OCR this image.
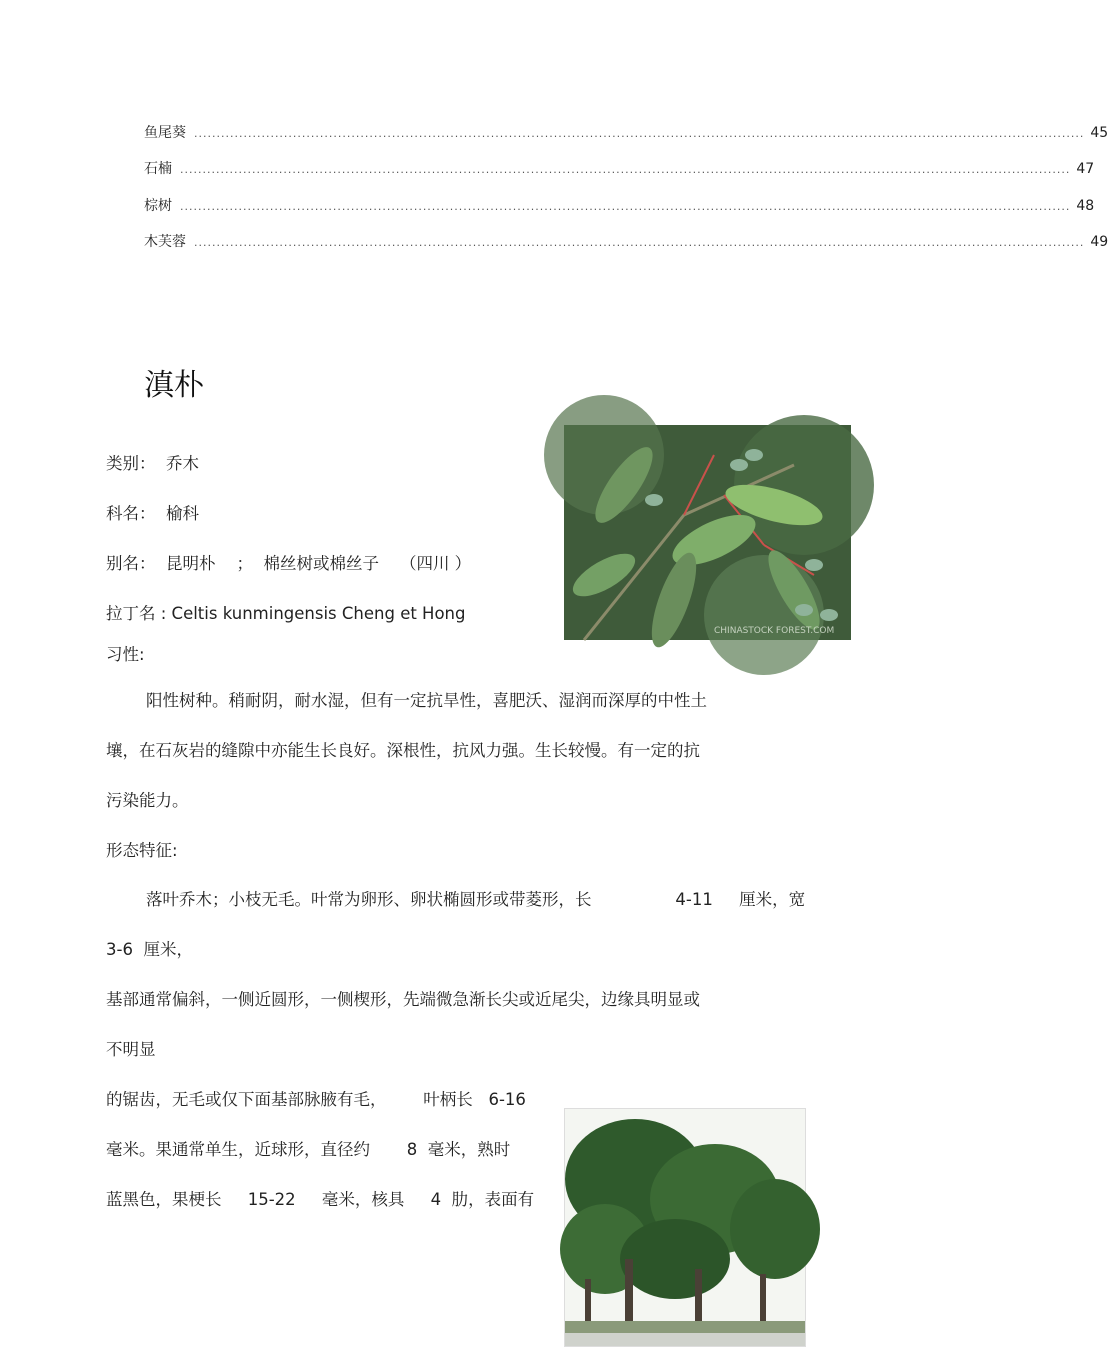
鱼尾葵 ...................................................................................................................................................................................................... 45
石楠 ...................................................................................................................................................................................................... 47
棕树 ...................................................................................................................................................................................................... 48
木芙蓉 ...................................................................................................................................................................................................... 49
滇朴
类别：  乔木
科名：  榆科
别名：  昆明朴    ；  棉丝树或棉丝子    （四川 ）
拉丁名 : Celtis kunmingensis Cheng et Hong
习性:
阳性树种。稍耐阴，耐水湿，但有一定抗旱性，喜肥沃、湿润而深厚的中性土
壤，在石灰岩的缝隙中亦能生长良好。深根性，抗风力强。生长较慢。有一定的抗
污染能力。
形态特征:
落叶乔木；小枝无毛。叶常为卵形、卵状椭圆形或带菱形，长                4-11     厘米，宽
3-6  厘米，
基部通常偏斜，一侧近圆形，一侧楔形，先端微急渐长尖或近尾尖，边缘具明显或
不明显
的锯齿，无毛或仅下面基部脉腋有毛，       叶柄长   6-16
毫米。果通常单生，近球形，直径约       8  毫米，熟时
蓝黑色，果梗长     15-22     毫米，核具     4  肋，表面有
CHINASTOCK FOREST.COM
